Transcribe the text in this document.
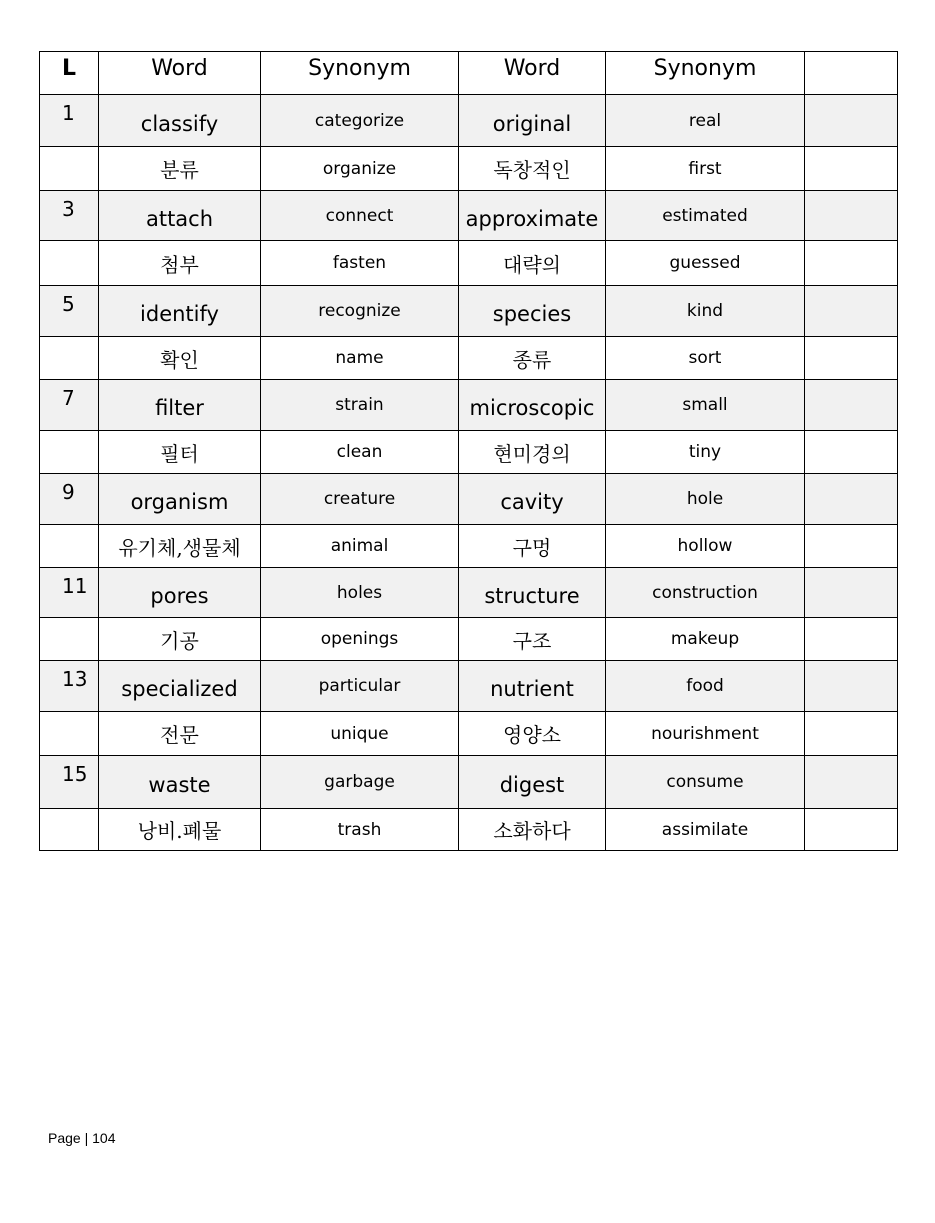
L	Word	Synonym	Word	Synonym	
1	classify	categorize	original	real	
	분류	organize	독창적인	first	
3	attach	connect	approximate	estimated	
	첨부	fasten	대략의	guessed	
5	identify	recognize	species	kind	
	확인	name	종류	sort	
7	filter	strain	microscopic	small	
	필터	clean	현미경의	tiny	
9	organism	creature	cavity	hole	
	유기체,생물체	animal	구멍	hollow	
11	pores	holes	structure	construction	
	기공	openings	구조	makeup	
13	specialized	particular	nutrient	food	
	전문	unique	영양소	nourishment	
15	waste	garbage	digest	consume	
	낭비.폐물	trash	소화하다	assimilate	
Page | 104
